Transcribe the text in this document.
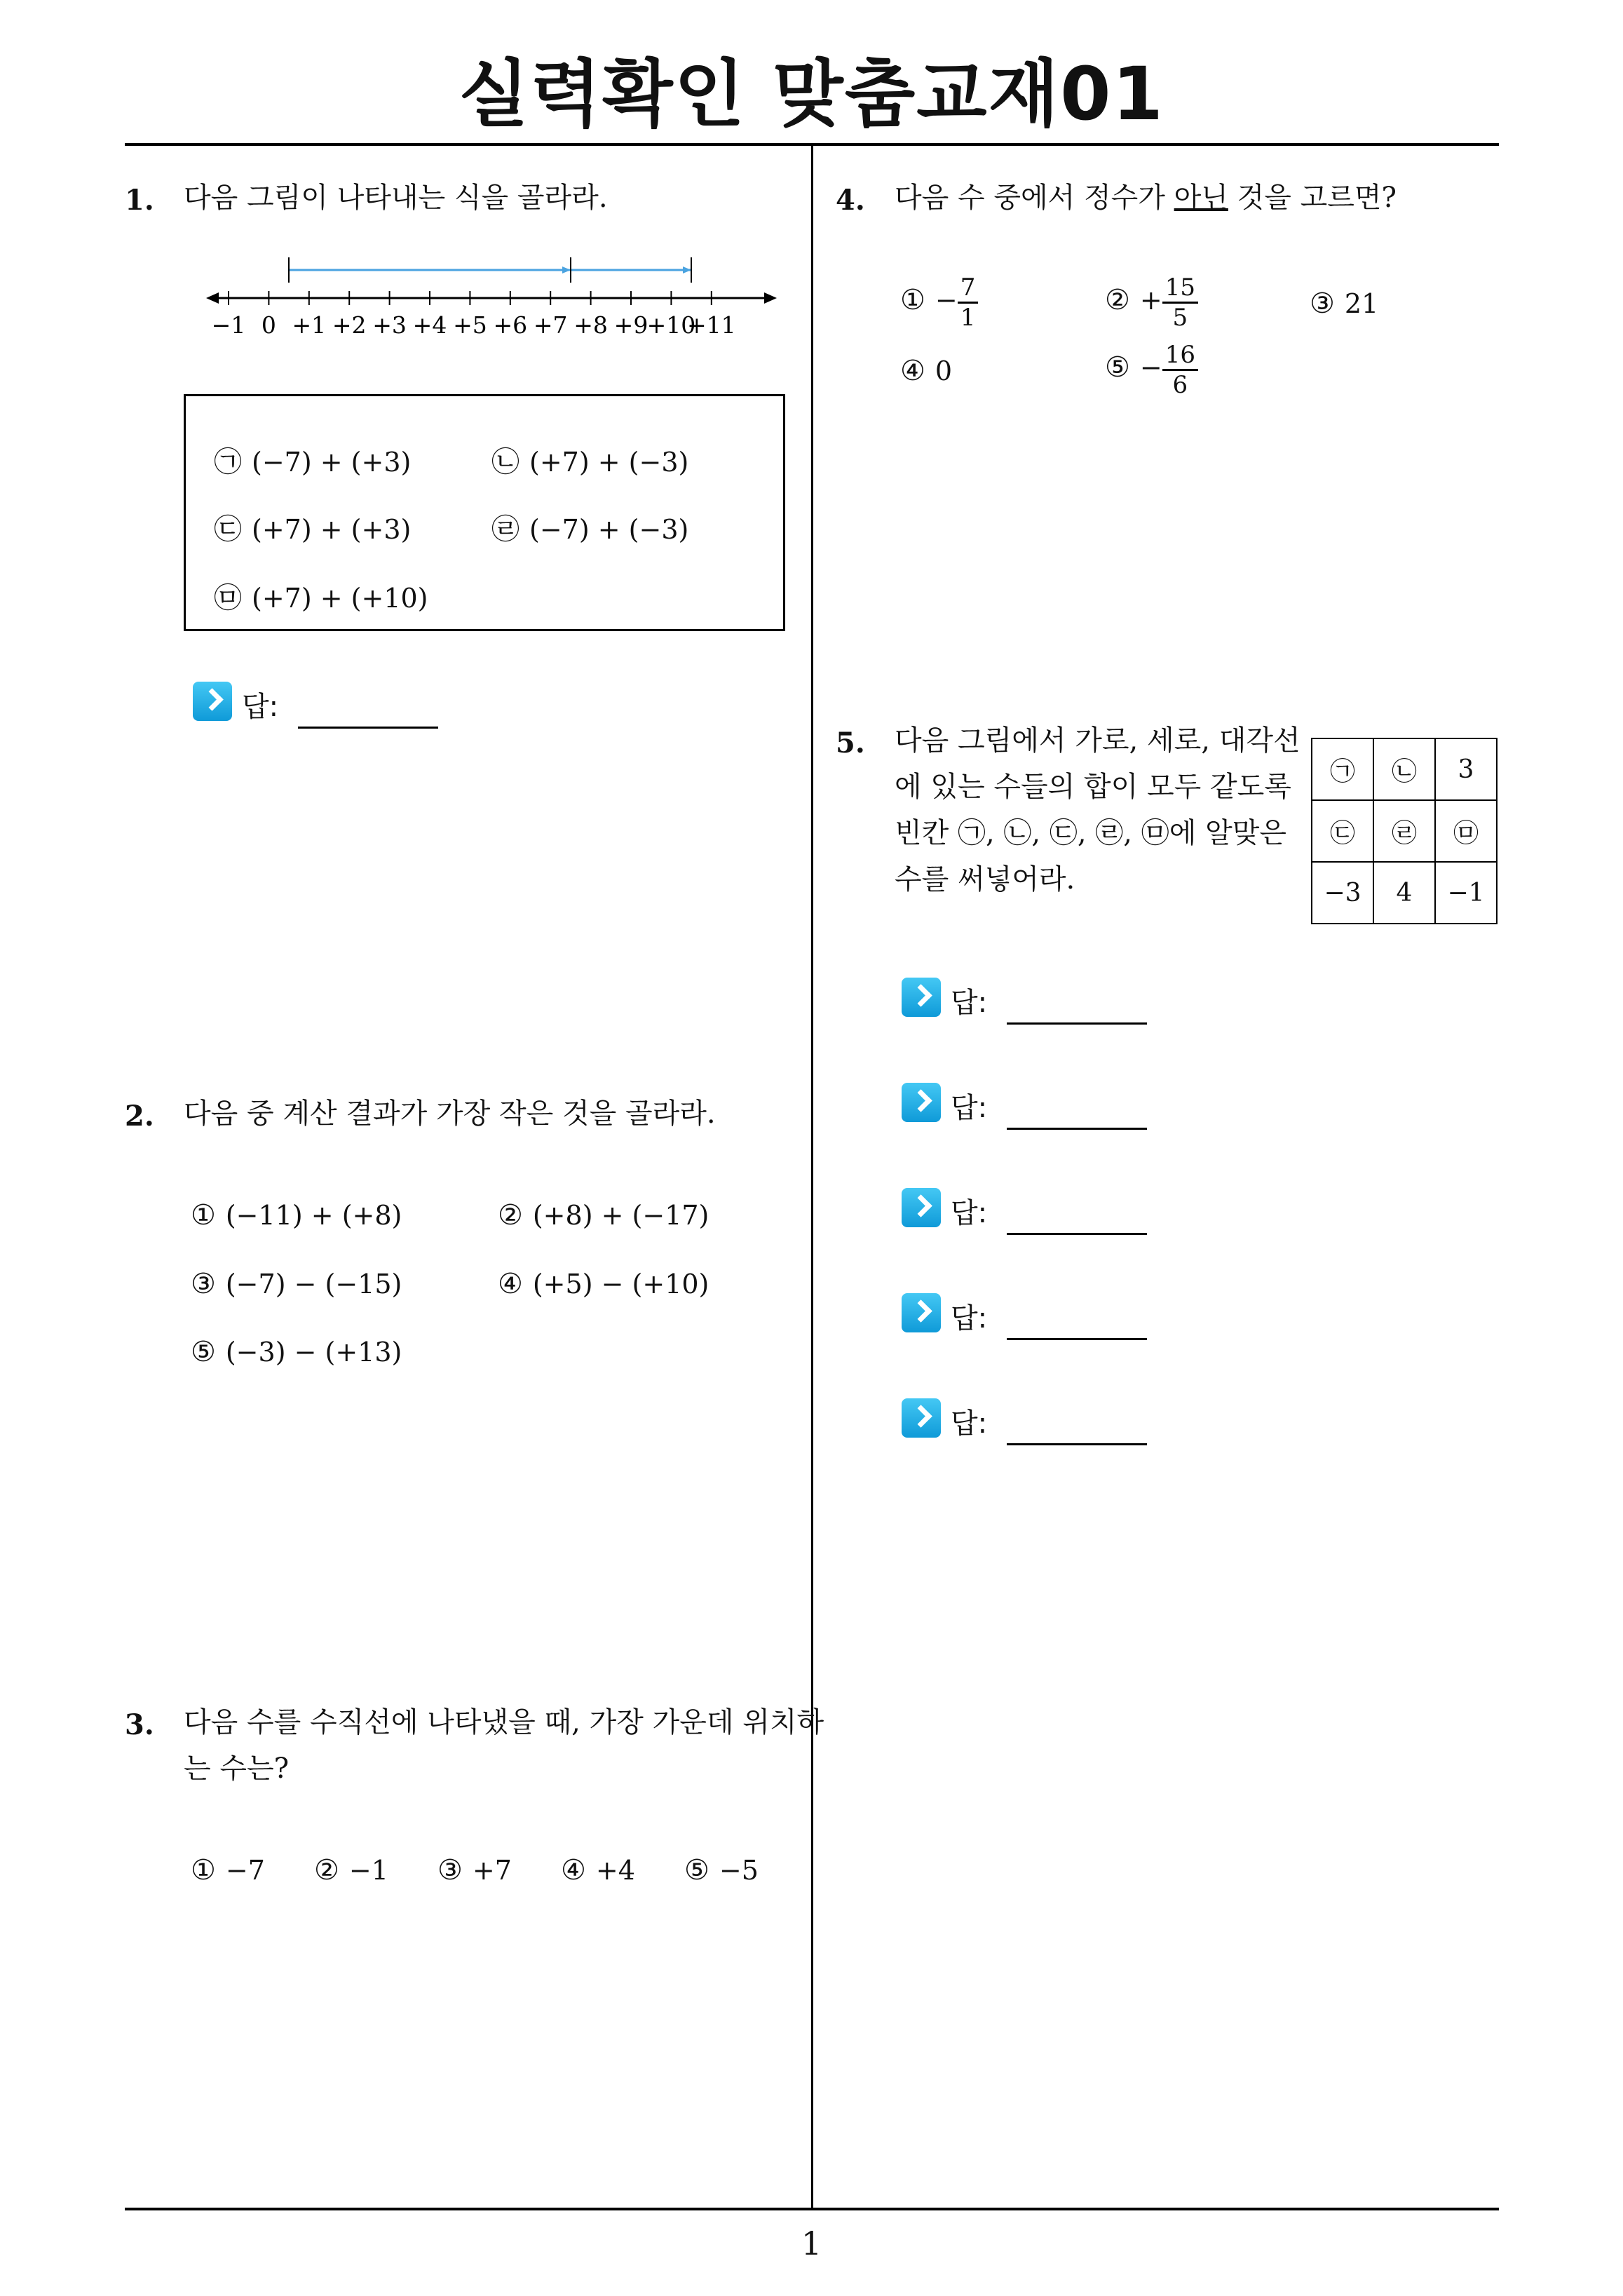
실력확인 맞춤교재01
1. 다음 그림이 나타내는 식을 골라라.
−1 0 +1 +2 +3 +4 +5 +6 +7 +8 +9
+10
+11
㉠ (−7) + (+3)	㉡ (+7) + (−3)
㉢ (+7) + (+3)	㉣ (−7) + (−3)
㉤ (+7) + (+10)
답:
2. 다음 중 계산 결과가 가장 작은 것을 골라라.
① (−11) + (+8)	② (+8) + (−17)
③ (−7) − (−15)	④ (+5) − (+10)
⑤ (−3) − (+13)
3. 다음 수를 수직선에 나타냈을 때, 가장 가운데 위치하
는 수는?
① −7 ② −1 ③ +7 ④ +4 ⑤ −5
4. 다음 수 중에서 정수가 아닌 것을 고르면?
① − $\frac{7}{1}$	② + $\frac{15}{5}$	③ 21
④ 0	⑤ − $\frac{16}{6}$
5. 다음 그림에서 가로, 세로, 대각선
에 있는 수들의 합이 모두 같도록
빈칸 ㉠, ㉡, ㉢, ㉣, ㉤에 알맞은
수를 써넣어라.
㉠	㉡	3
㉢	㉣	㉤
−3	4	−1
답:
답:
답:
답:
답:
1
